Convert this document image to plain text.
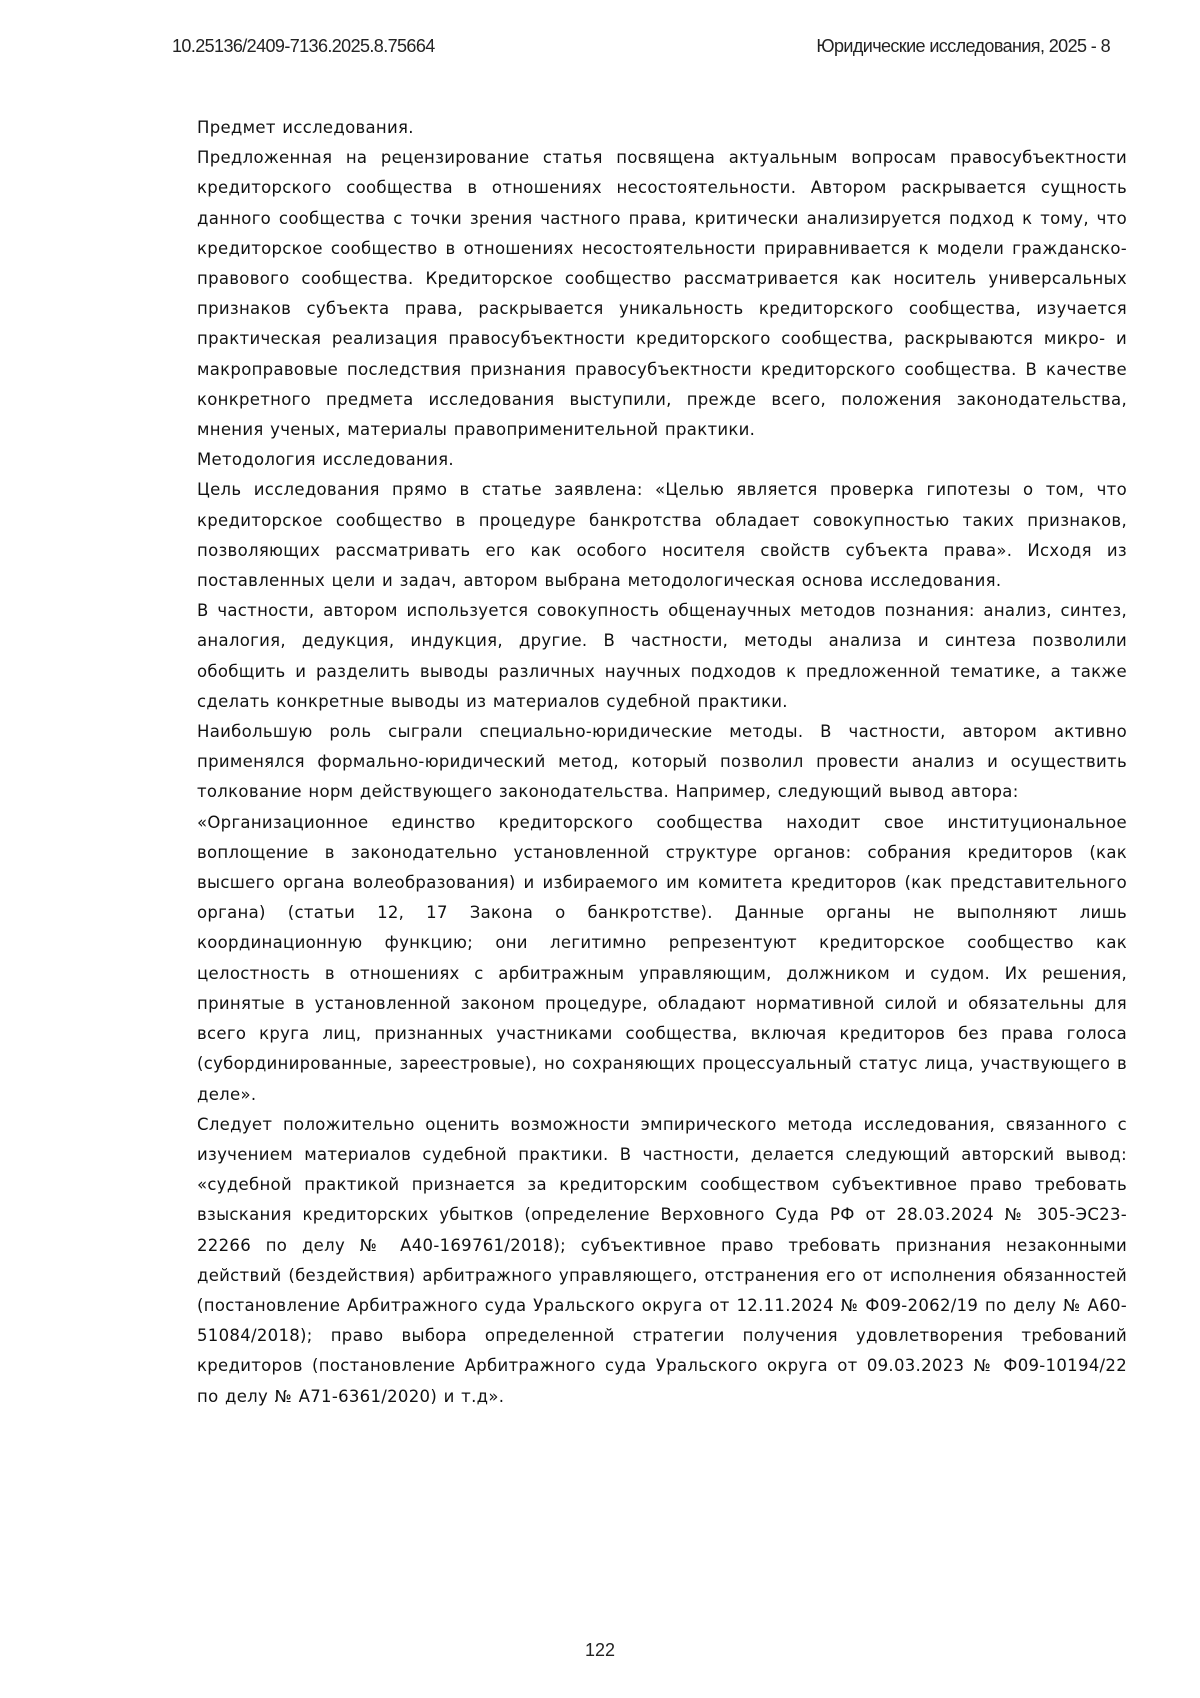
10.25136/2409-7136.2025.8.75664	Юридические исследования, 2025 - 8

Предмет исследования.

Предложенная на рецензирование статья посвящена актуальным вопросам правосубъектности кредиторского сообщества в отношениях несостоятельности. Автором раскрывается сущность данного сообщества с точки зрения частного права, критически анализируется подход к тому, что кредиторское сообщество в отношениях несостоятельности приравнивается к модели гражданско-правового сообщества. Кредиторское сообщество рассматривается как носитель универсальных признаков субъекта права, раскрывается уникальность кредиторского сообщества, изучается практическая реализация правосубъектности кредиторского сообщества, раскрываются микро- и макроправовые последствия признания правосубъектности кредиторского сообщества. В качестве конкретного предмета исследования выступили, прежде всего, положения законодательства, мнения ученых, материалы правоприменительной практики.

Методология исследования.

Цель исследования прямо в статье заявлена: «Целью является проверка гипотезы о том, что кредиторское сообщество в процедуре банкротства обладает совокупностью таких признаков, позволяющих рассматривать его как особого носителя свойств субъекта права». Исходя из поставленных цели и задач, автором выбрана методологическая основа исследования.

В частности, автором используется совокупность общенаучных методов познания: анализ, синтез, аналогия, дедукция, индукция, другие. В частности, методы анализа и синтеза позволили обобщить и разделить выводы различных научных подходов к предложенной тематике, а также сделать конкретные выводы из материалов судебной практики.

Наибольшую роль сыграли специально-юридические методы. В частности, автором активно применялся формально-юридический метод, который позволил провести анализ и осуществить толкование норм действующего законодательства. Например, следующий вывод автора:

«Организационное единство кредиторского сообщества находит свое институциональное воплощение в законодательно установленной структуре органов: собрания кредиторов (как высшего органа волеобразования) и избираемого им комитета кредиторов (как представительного органа) (статьи 12, 17 Закона о банкротстве). Данные органы не выполняют лишь координационную функцию; они легитимно репрезентуют кредиторское сообщество как целостность в отношениях с арбитражным управляющим, должником и судом. Их решения, принятые в установленной законом процедуре, обладают нормативной силой и обязательны для всего круга лиц, признанных участниками сообщества, включая кредиторов без права голоса (субординированные, зареестровые), но сохраняющих процессуальный статус лица, участвующего в деле».

Следует положительно оценить возможности эмпирического метода исследования, связанного с изучением материалов судебной практики. В частности, делается следующий авторский вывод: «судебной практикой признается за кредиторским сообществом субъективное право требовать взыскания кредиторских убытков (определение Верховного Суда РФ от 28.03.2024 № 305-ЭС23-22266 по делу № А40-169761/2018); субъективное право требовать признания незаконными действий (бездействия) арбитражного управляющего, отстранения его от исполнения обязанностей (постановление Арбитражного суда Уральского округа от 12.11.2024 № Ф09-2062/19 по делу № А60-51084/2018); право выбора определенной стратегии получения удовлетворения требований кредиторов (постановление Арбитражного суда Уральского округа от 09.03.2023 № Ф09-10194/22 по делу № А71-6361/2020) и т.д».

122
